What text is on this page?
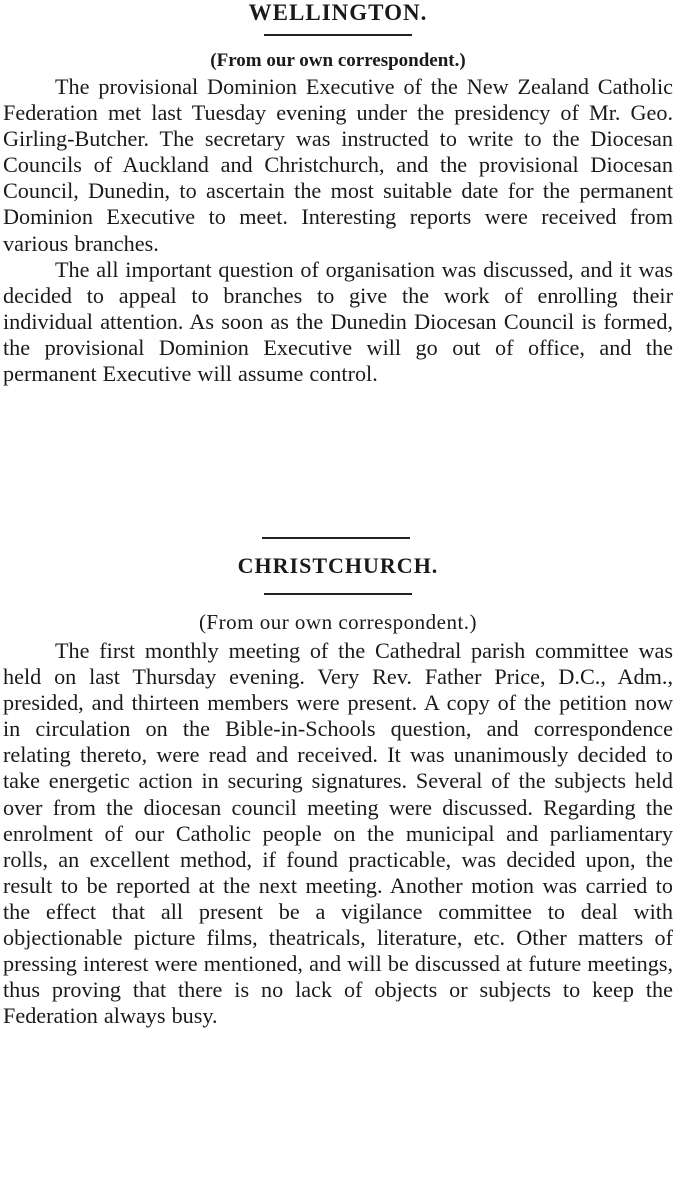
WELLINGTON.

(From our own correspondent.)

The provisional Dominion Executive of the New Zealand Catholic Federation met last Tuesday evening under the presidency of Mr. Geo. Girling-Butcher. The secretary was instructed to write to the Diocesan Councils of Auckland and Christchurch, and the provisional Diocesan Council, Dunedin, to ascertain the most suitable date for the permanent Dominion Executive to meet. Interesting reports were received from various branches.

The all important question of organisation was discussed, and it was decided to appeal to branches to give the work of enrolling their individual attention. As soon as the Dunedin Diocesan Council is formed, the provisional Dominion Executive will go out of office, and the permanent Executive will assume control.

CHRISTCHURCH.

(From our own correspondent.)

The first monthly meeting of the Cathedral parish committee was held on last Thursday evening. Very Rev. Father Price, D.C., Adm., presided, and thirteen members were present. A copy of the petition now in circulation on the Bible-in-Schools question, and correspondence relating thereto, were read and received. It was unanimously decided to take energetic action in securing signatures. Several of the subjects held over from the diocesan council meeting were discussed. Regarding the enrolment of our Catholic people on the municipal and parliamentary rolls, an excellent method, if found practicable, was decided upon, the result to be reported at the next meeting. Another motion was carried to the effect that all present be a vigilance committee to deal with objectionable picture films, theatricals, literature, etc. Other matters of pressing interest were mentioned, and will be discussed at future meetings, thus proving that there is no lack of objects or subjects to keep the Federation always busy.
